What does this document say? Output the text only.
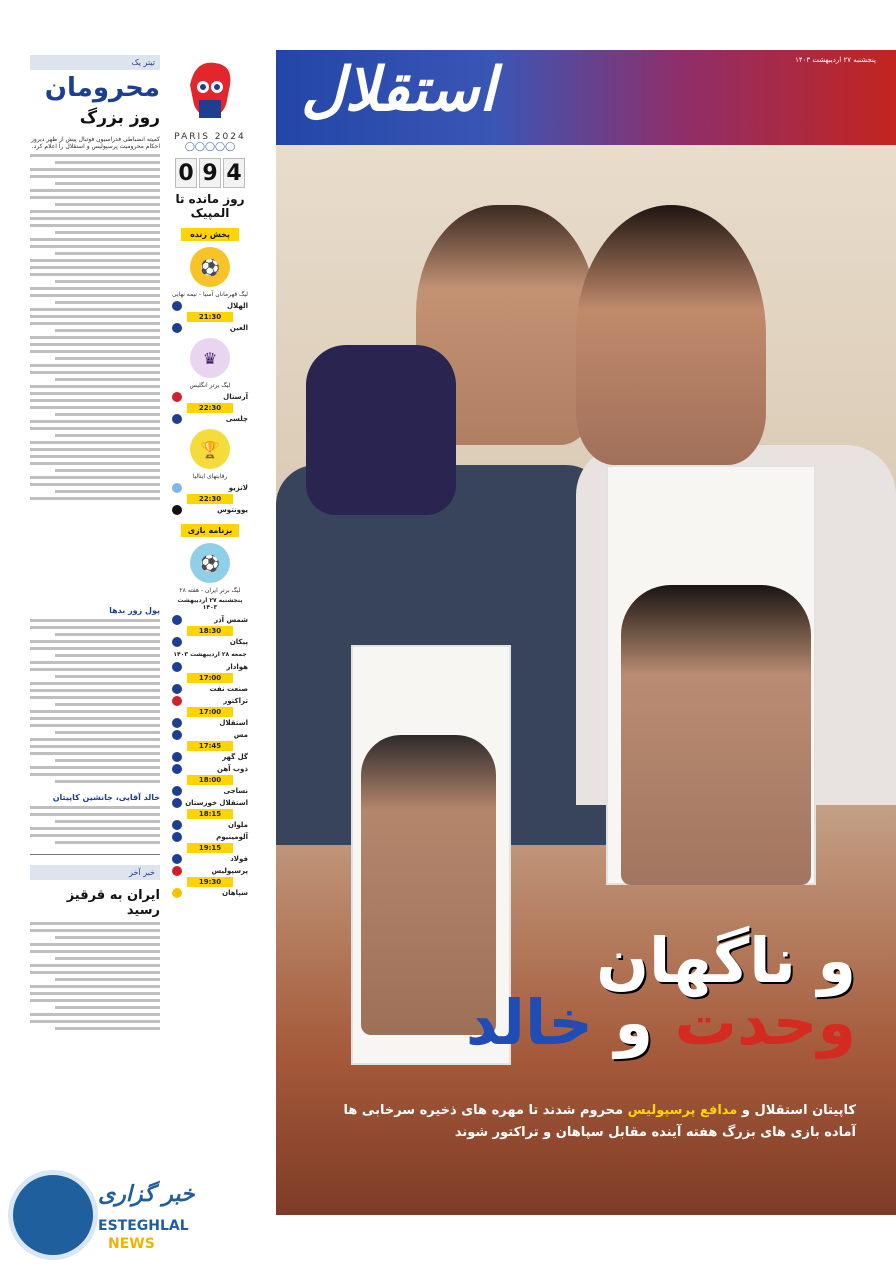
تیتر یک
محرومان
روز بزرگ
کمیته انضباطی فدراسیون فوتبال پیش از ظهر دیروز احکام محرومیت پرسپولیس و استقلال را اعلام کرد.
پول زور بدها
خالد آقایی، جانشین کاپیتان
خبر آخر
ایران به قرقیز رسید
PARIS 2024
◯◯◯◯◯
0 9 4
روز مانده تا المپیک
پخش زنده
⚽
لیگ قهرمانان آسیا - نیمه نهایی
الهلال
21:30
العین
♛
لیگ برتر انگلیس
آرسنال
22:30
چلسی
🏆
رقابتهای ایتالیا
لاتزیو
22:30
یوونتوس
برنامه بازی
⚽
لیگ برتر ایران - هفته ۲۸
پنجشنبه ۲۷ اردیبهشت ۱۴۰۳
شمس آذر
18:30
پیکان
جمعه ۲۸ اردیبهشت ۱۴۰۳
هوادار
17:00
صنعت نفت
تراکتور
17:00
استقلال
مس
17:45
گل گهر
ذوب آهن
18:00
نساجی
استقلال خوزستان
18:15
ملوان
آلومینیوم
19:15
فولاد
پرسپولیس
19:30
سپاهان
استقلال	پنجشنبه ۲۷ اردیبهشت ۱۴۰۳
و ناگهان
وحدت و خالد
کاپیتان استقلال و مدافع پرسپولیس محروم شدند تا مهره های ذخیره سرخابی ها
آماده بازی های بزرگ هفته آینده مقابل سپاهان و تراکتور شوند
خبر گزاری
ESTEGHLAL
NEWS
